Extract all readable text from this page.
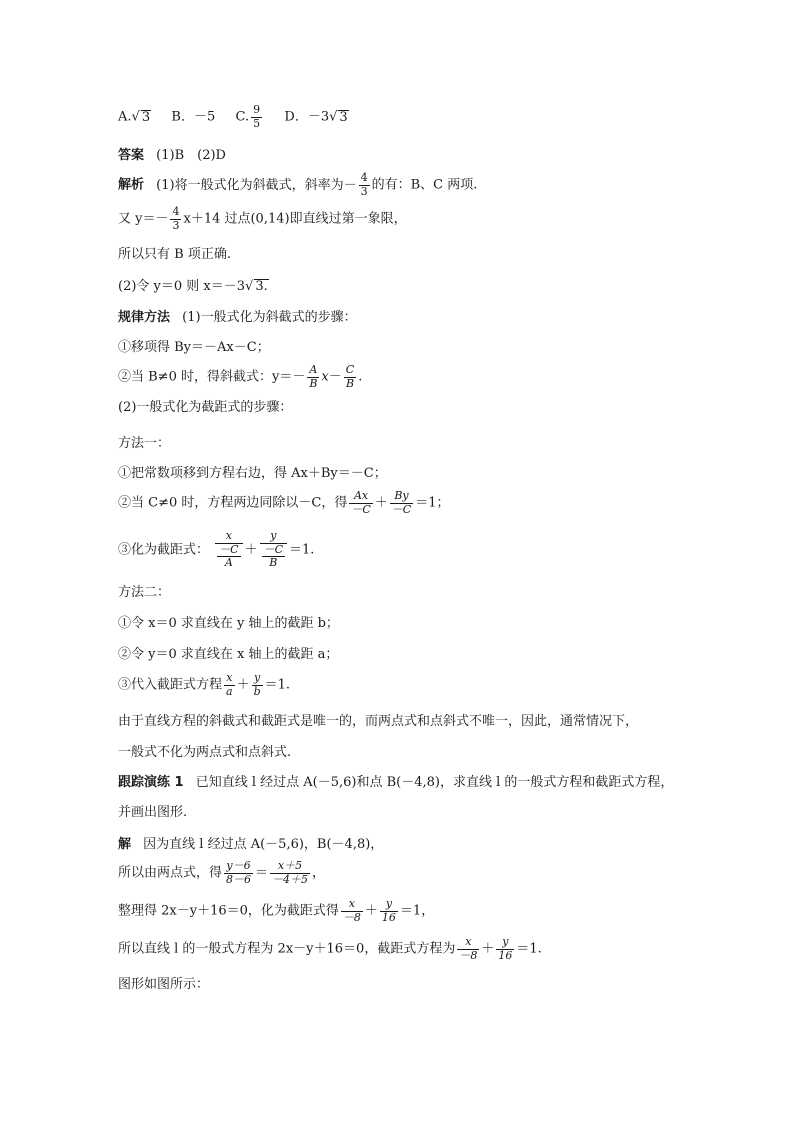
A.√ 3 B．－5 C. $\frac{9}{5}$ D．－3√ 3
答案 (1)B　(2)D
解析 (1)将一般式化为斜截式，斜率为－ $\frac{4}{3}$ 的有：B、C 两项.
又 $y=- \frac{4}{3} x+14$ 过点(0,14)即直线过第一象限，
所以只有 B 项正确.
(2)令 y＝0 则 x＝－3√ 3.
规律方法 (1)一般式化为斜截式的步骤：
①移项得 By＝－Ax－C；
②当 B≠0 时，得斜截式：$y=- \frac{A}{B} x- \frac{C}{B}$ .
(2)一般式化为截距式的步骤：
方法一：
①把常数项移到方程右边，得 Ax＋By＝－C；
②当 C≠0 时，方程两边同除以－C，得 $\frac{Ax}{-C} + \frac{By}{-C} =1$；
③化为截距式： $\frac{x}{\frac{-C}{A}} + \frac{y}{\frac{-C}{B}} =1$.
方法二：
①令 x＝0 求直线在 y 轴上的截距 b；
②令 y＝0 求直线在 x 轴上的截距 a；
③代入截距式方程 $\frac{x}{a} + \frac{y}{b} =1$.
由于直线方程的斜截式和截距式是唯一的，而两点式和点斜式不唯一，因此，通常情况下，
一般式不化为两点式和点斜式.
跟踪演练 1 已知直线 l 经过点 A(－5,6)和点 B(－4,8)，求直线 l 的一般式方程和截距式方程，
并画出图形.
解 因为直线 l 经过点 A(－5,6)，B(－4,8)，
所以由两点式，得 $\frac{y-6}{8-6} = \frac{x+5}{-4+5}$ ，
整理得 2x－y＋16＝0，化为截距式得 $\frac{x}{-8} + \frac{y}{16} =1$，
所以直线 l 的一般式方程为 2x－y＋16＝0，截距式方程为 $\frac{x}{-8} + \frac{y}{16} =1$.
图形如图所示：
